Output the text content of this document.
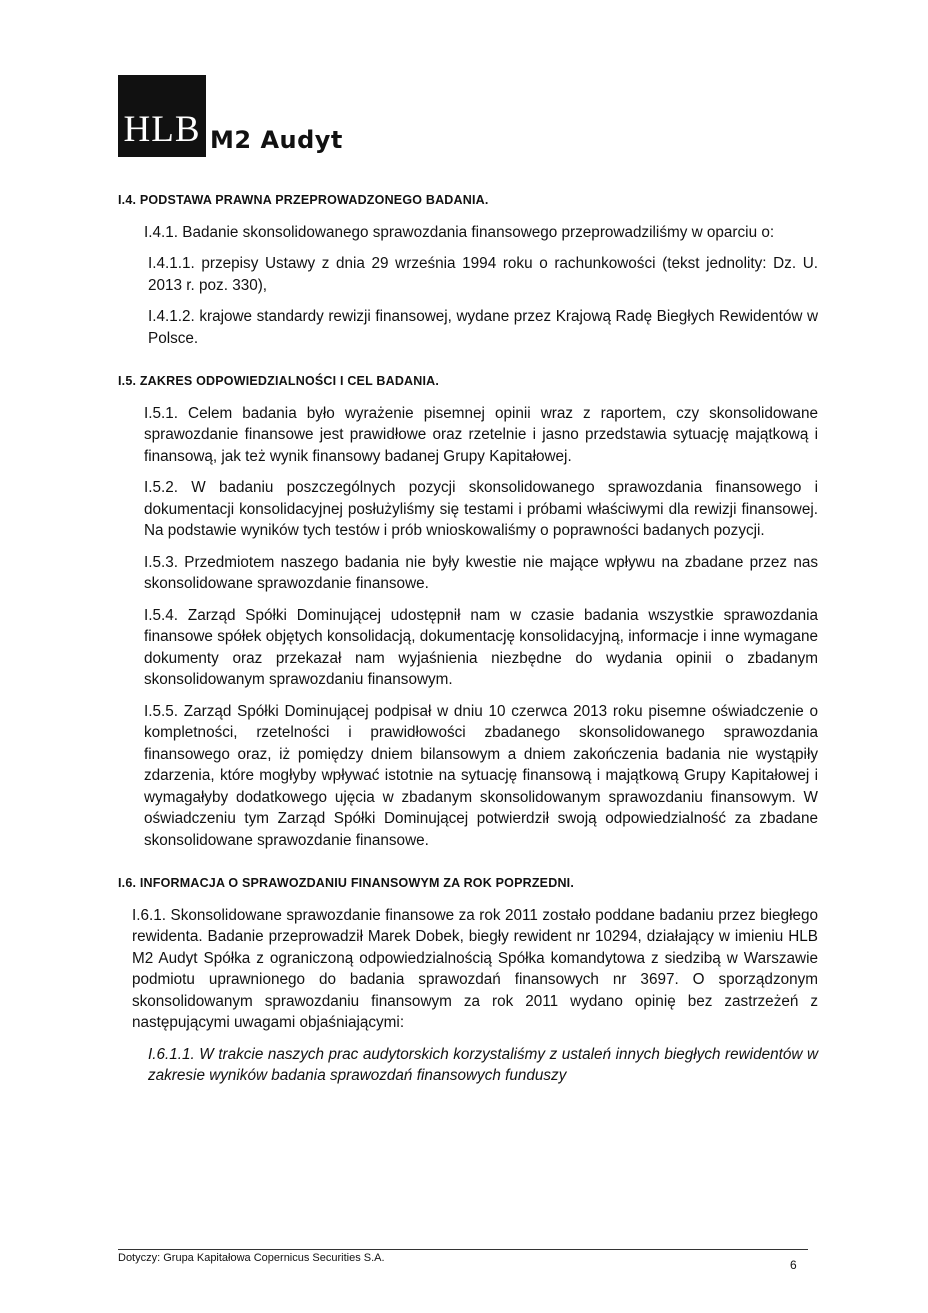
HLB M2 Audyt
I.4. PODSTAWA PRAWNA PRZEPROWADZONEGO BADANIA.
I.4.1. Badanie skonsolidowanego sprawozdania finansowego przeprowadziliśmy w oparciu o:
I.4.1.1. przepisy Ustawy z dnia 29 września 1994 roku o rachunkowości (tekst jednolity: Dz. U. 2013 r. poz. 330),
I.4.1.2. krajowe standardy rewizji finansowej, wydane przez Krajową Radę Biegłych Rewidentów w Polsce.
I.5. ZAKRES ODPOWIEDZIALNOŚCI I CEL BADANIA.
I.5.1. Celem badania było wyrażenie pisemnej opinii wraz z raportem, czy skonsolidowane sprawozdanie finansowe jest prawidłowe oraz rzetelnie i jasno przedstawia sytuację majątkową i finansową, jak też wynik finansowy badanej Grupy Kapitałowej.
I.5.2. W badaniu poszczególnych pozycji skonsolidowanego sprawozdania finansowego i dokumentacji konsolidacyjnej posłużyliśmy się testami i próbami właściwymi dla rewizji finansowej. Na podstawie wyników tych testów i prób wnioskowaliśmy o poprawności badanych pozycji.
I.5.3. Przedmiotem naszego badania nie były kwestie nie mające wpływu na zbadane przez nas skonsolidowane sprawozdanie finansowe.
I.5.4. Zarząd Spółki Dominującej udostępnił nam w czasie badania wszystkie sprawozdania finansowe spółek objętych konsolidacją, dokumentację konsolidacyjną, informacje i inne wymagane dokumenty oraz przekazał nam wyjaśnienia niezbędne do wydania opinii o zbadanym skonsolidowanym sprawozdaniu finansowym.
I.5.5. Zarząd Spółki Dominującej podpisał w dniu 10 czerwca 2013 roku pisemne oświadczenie o kompletności, rzetelności i prawidłowości zbadanego skonsolidowanego sprawozdania finansowego oraz, iż pomiędzy dniem bilansowym a dniem zakończenia badania nie wystąpiły zdarzenia, które mogłyby wpływać istotnie na sytuację finansową i majątkową Grupy Kapitałowej i wymagałyby dodatkowego ujęcia w zbadanym skonsolidowanym sprawozdaniu finansowym. W oświadczeniu tym Zarząd Spółki Dominującej potwierdził swoją odpowiedzialność za zbadane skonsolidowane sprawozdanie finansowe.
I.6. INFORMACJA O SPRAWOZDANIU FINANSOWYM ZA ROK POPRZEDNI.
I.6.1. Skonsolidowane sprawozdanie finansowe za rok 2011 zostało poddane badaniu przez biegłego rewidenta. Badanie przeprowadził Marek Dobek, biegły rewident nr 10294, działający w imieniu HLB M2 Audyt Spółka z ograniczoną odpowiedzialnością Spółka komandytowa z siedzibą w Warszawie podmiotu uprawnionego do badania sprawozdań finansowych nr 3697. O sporządzonym skonsolidowanym sprawozdaniu finansowym za rok 2011 wydano opinię bez zastrzeżeń z następującymi uwagami objaśniającymi:
I.6.1.1. W trakcie naszych prac audytorskich korzystaliśmy z ustaleń innych biegłych rewidentów w zakresie wyników badania sprawozdań finansowych funduszy
Dotyczy: Grupa Kapitałowa Copernicus Securities S.A.	6
